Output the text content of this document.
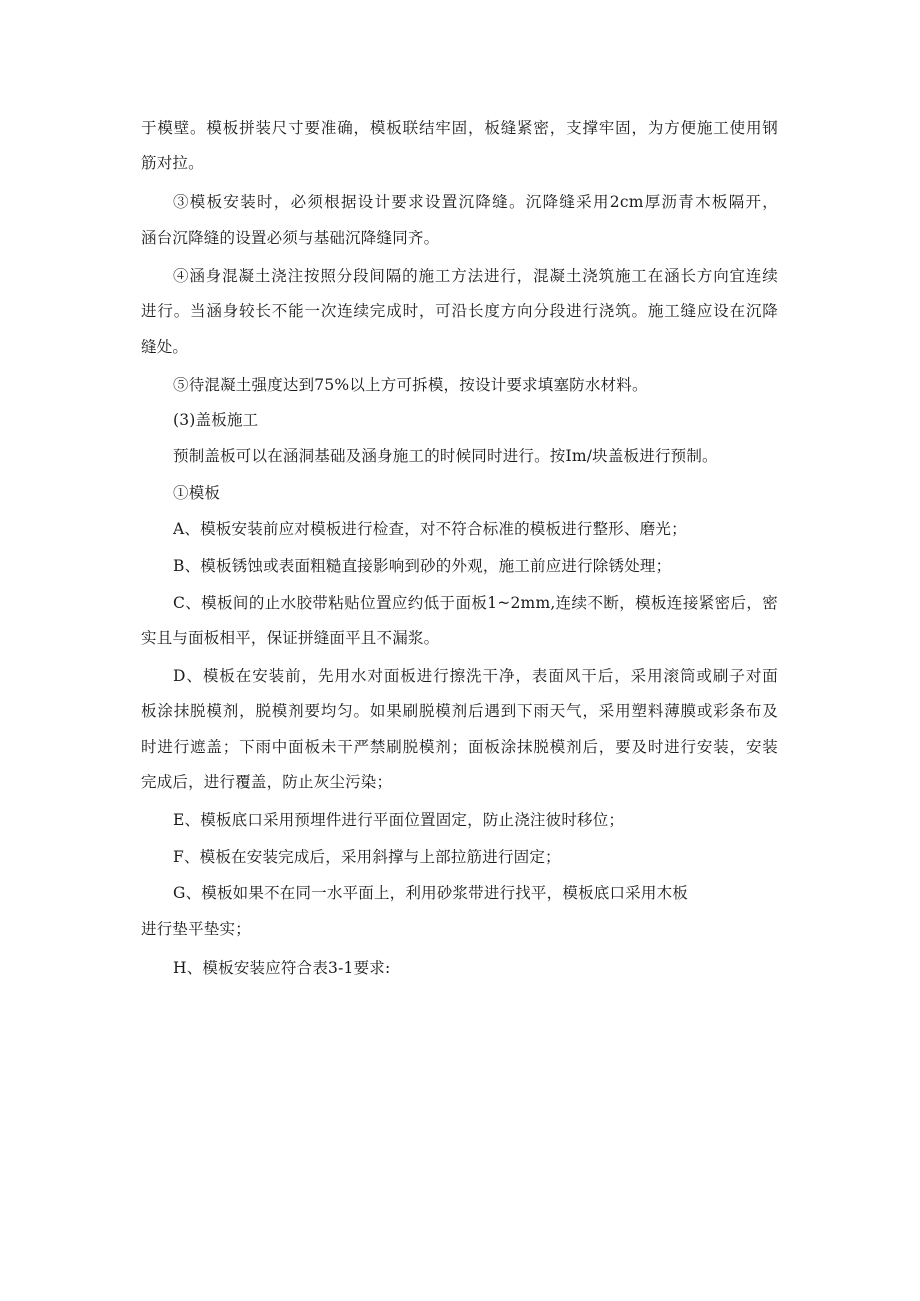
于模壁。模板拼装尺寸要准确，模板联结牢固，板缝紧密，支撑牢固，为方便施工使用钢
筋对拉。
③模板安装时，必须根据设计要求设置沉降缝。沉降缝采用2cm厚沥青木板隔开，
涵台沉降缝的设置必须与基础沉降缝同齐。
④涵身混凝土浇注按照分段间隔的施工方法进行，混凝土浇筑施工在涵长方向宜连续
进行。当涵身较长不能一次连续完成时，可沿长度方向分段进行浇筑。施工缝应设在沉降
缝处。
⑤待混凝土强度达到75%以上方可拆模，按设计要求填塞防水材料。
(3)盖板施工
预制盖板可以在涵洞基础及涵身施工的时候同时进行。按Im/块盖板进行预制。
①模板
A、模板安装前应对模板进行检查，对不符合标准的模板进行整形、磨光；
B、模板锈蚀或表面粗糙直接影响到砂的外观，施工前应进行除锈处理；
C、模板间的止水胶带粘贴位置应约低于面板1~2mm,连续不断，模板连接紧密后，密
实且与面板相平，保证拼缝面平且不漏浆。
D、模板在安装前，先用水对面板进行擦洗干净，表面风干后，采用滚筒或刷子对面
板涂抹脱模剂，脱模剂要均匀。如果刷脱模剂后遇到下雨天气，采用塑料薄膜或彩条布及
时进行遮盖；下雨中面板未干严禁刷脱模剂；面板涂抹脱模剂后，要及时进行安装，安装
完成后，进行覆盖，防止灰尘污染；
E、模板底口采用预埋件进行平面位置固定，防止浇注彼时移位；
F、模板在安装完成后，采用斜撑与上部拉筋进行固定；
G、模板如果不在同一水平面上，利用砂浆带进行找平，模板底口采用木板
进行垫平垫实；
H、模板安装应符合表3-1要求:
